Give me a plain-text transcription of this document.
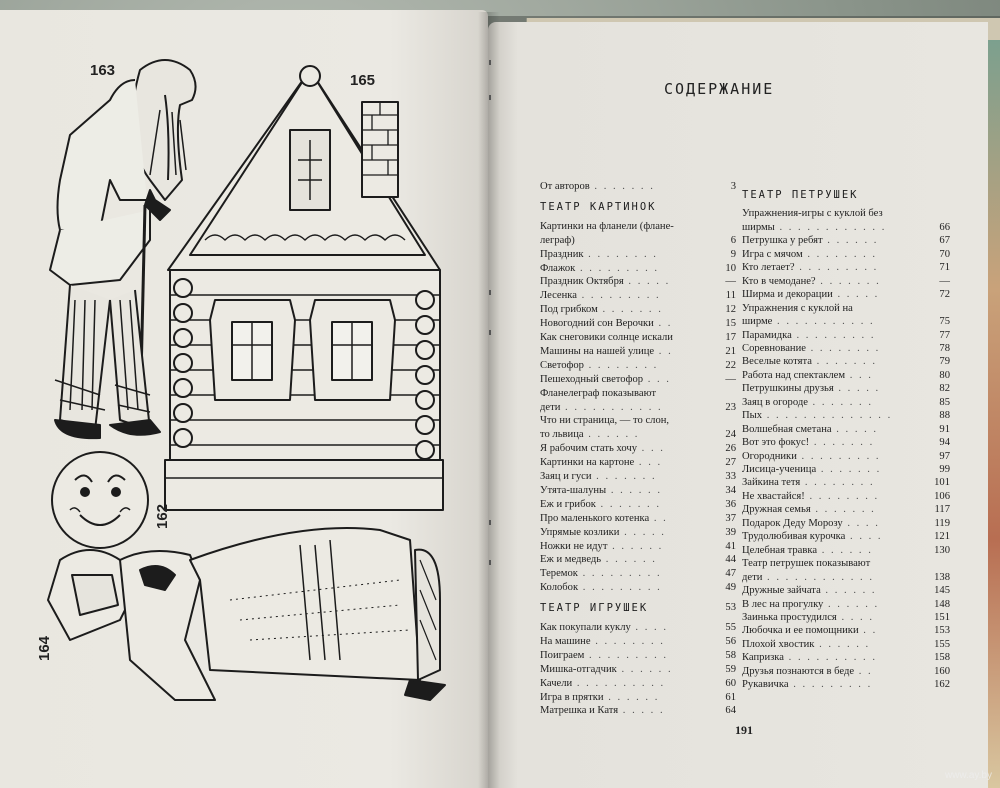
163
165
162
164
СОДЕРЖАНИЕ
От авторов . . . . . . .	3
ТЕАТР КАРТИНОК
Картинки на фланели (флане-
леграф)	6
Праздник . . . . . . . .	9
Флажок . . . . . . . . .	10
Праздник Октября . . . . .	—
Лесенка . . . . . . . . .	11
Под грибком . . . . . . .	12
Новогодний сон Верочки . .	15
Как снеговики солнце искали	17
Машины на нашей улице . .	21
Светофор . . . . . . . .	22
Пешеходный светофор . . .	—
Фланелеграф показывают
дети . . . . . . . . . . .	23
Что ни страница, — то слон,
то львица . . . . . .	24
Я рабочим стать хочу . . .	26
Картинки на картоне . . .	27
Заяц и гуси . . . . . . .	33
Утята-шалуны . . . . . .	34
Еж и грибок . . . . . . .	36
Про маленького котенка . .	37
Упрямые козлики . . . . .	39
Ножки не идут . . . . . .	41
Еж и медведь . . . . . .	44
Теремок . . . . . . . . .	47
Колобок . . . . . . . . .	49
ТЕАТР ИГРУШЕК	53
Как покупали куклу . . . .	55
На машине . . . . . . . .	56
Поиграем . . . . . . . . .	58
Мишка-отгадчик . . . . . .	59
Качели . . . . . . . . . .	60
Игра в прятки . . . . . .	61
Матрешка и Катя . . . . .	64
ТЕАТР ПЕТРУШЕК
Упражнения-игры с куклой без
ширмы . . . . . . . . . . . .	66
Петрушка у ребят . . . . . .	67
Игра с мячом . . . . . . . .	70
Кто летает? . . . . . . . . .	71
Кто в чемодане? . . . . . . .	—
Ширма и декорации . . . . .	72
Упражнения с куклой на
ширме . . . . . . . . . . .	75
Парамидка . . . . . . . . .	77
Соревнование . . . . . . . .	78
Веселые котята . . . . . . .	79
Работа над спектаклем . . .	80
Петрушкины друзья . . . . .	82
Заяц в огороде . . . . . . .	85
Пых . . . . . . . . . . . . . .	88
Волшебная сметана . . . . .	91
Вот это фокус! . . . . . . .	94
Огородники . . . . . . . . .	97
Лисица-ученица . . . . . . .	99
Зайкина тетя . . . . . . . .	101
Не хвастайся! . . . . . . . .	106
Дружная семья . . . . . . .	117
Подарок Деду Морозу . . . .	119
Трудолюбивая курочка . . . .	121
Целебная травка . . . . . .	130
Театр петрушек показывают
дети . . . . . . . . . . . .	138
Дружные зайчата . . . . . .	145
В лес на прогулку . . . . . .	148
Заинька простудился . . . .	151
Любочка и ее помощники . .	153
Плохой хвостик . . . . . .	155
Капризка . . . . . . . . . .	158
Друзья познаются в беде . .	160
Рукавичка . . . . . . . . .	162
191
www.ay.by
